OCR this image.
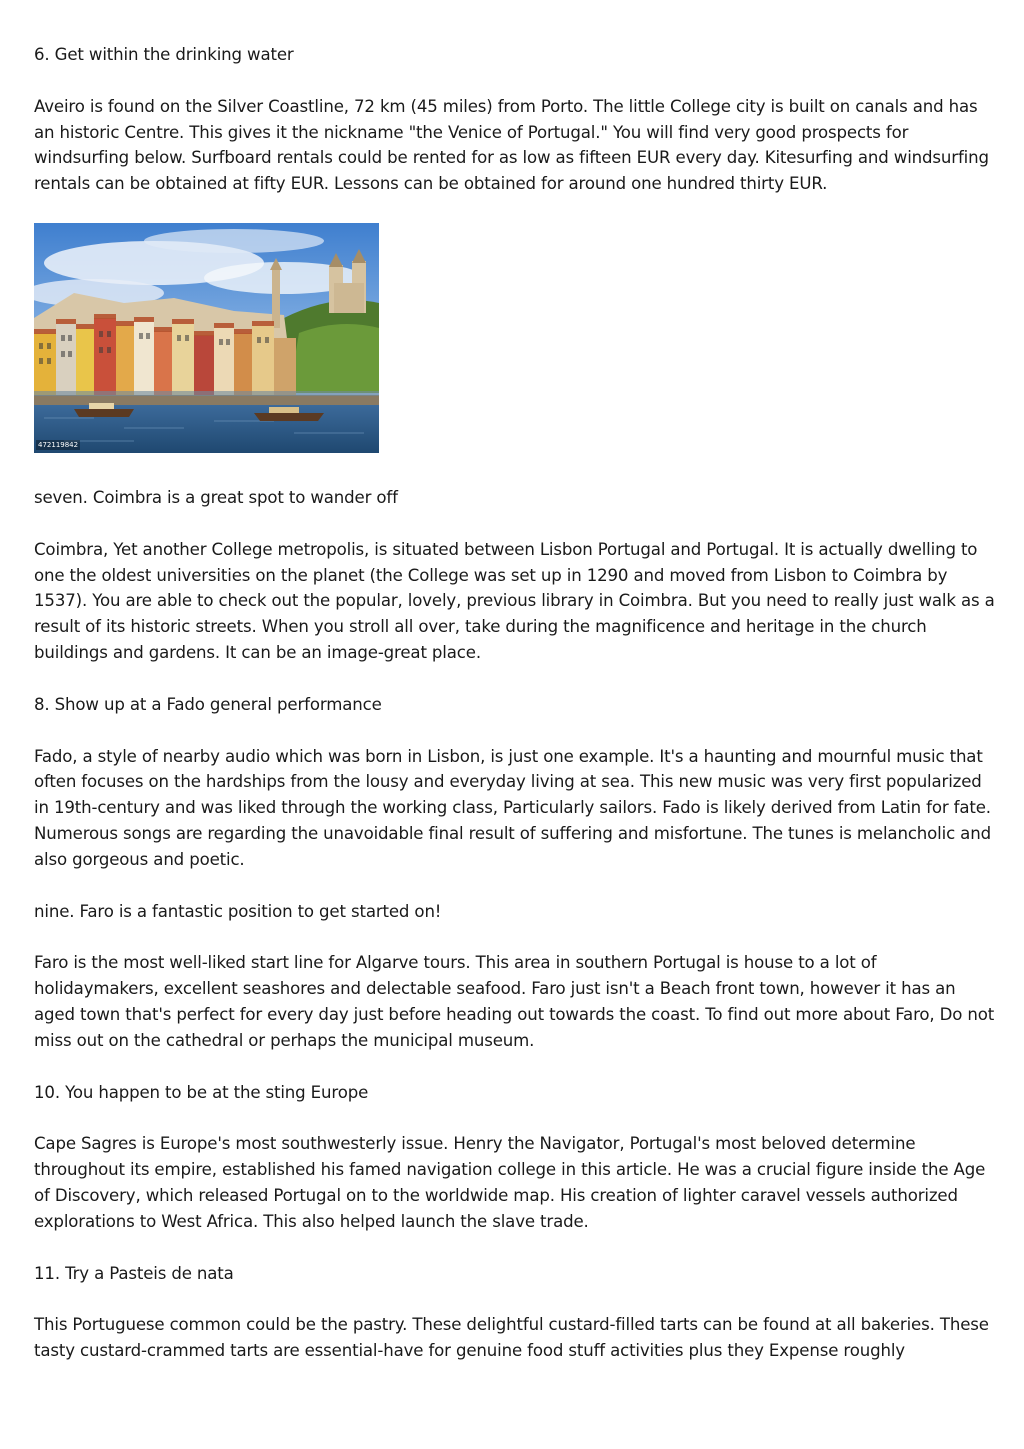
6. Get within the drinking water

Aveiro is found on the Silver Coastline, 72 km (45 miles) from Porto. The little College city is built on canals and has an historic Centre. This gives it the nickname "the Venice of Portugal." You will find very good prospects for windsurfing below. Surfboard rentals could be rented for as low as fifteen EUR every day. Kitesurfing and windsurfing rentals can be obtained at fifty EUR. Lessons can be obtained for around one hundred thirty EUR.

472119842

seven. Coimbra is a great spot to wander off

Coimbra, Yet another College metropolis, is situated between Lisbon Portugal and Portugal. It is actually dwelling to one the oldest universities on the planet (the College was set up in 1290 and moved from Lisbon to Coimbra by 1537). You are able to check out the popular, lovely, previous library in Coimbra. But you need to really just walk as a result of its historic streets. When you stroll all over, take during the magnificence and heritage in the church buildings and gardens. It can be an image-great place.

8. Show up at a Fado general performance

Fado, a style of nearby audio which was born in Lisbon, is just one example. It's a haunting and mournful music that often focuses on the hardships from the lousy and everyday living at sea. This new music was very first popularized in 19th-century and was liked through the working class, Particularly sailors. Fado is likely derived from Latin for fate. Numerous songs are regarding the unavoidable final result of suffering and misfortune. The tunes is melancholic and also gorgeous and poetic.

nine. Faro is a fantastic position to get started on!

Faro is the most well-liked start line for Algarve tours. This area in southern Portugal is house to a lot of holidaymakers, excellent seashores and delectable seafood. Faro just isn't a Beach front town, however it has an aged town that's perfect for every day just before heading out towards the coast. To find out more about Faro, Do not miss out on the cathedral or perhaps the municipal museum.

10. You happen to be at the sting Europe

Cape Sagres is Europe's most southwesterly issue. Henry the Navigator, Portugal's most beloved determine throughout its empire, established his famed navigation college in this article. He was a crucial figure inside the Age of Discovery, which released Portugal on to the worldwide map. His creation of lighter caravel vessels authorized explorations to West Africa. This also helped launch the slave trade.

11. Try a Pasteis de nata

This Portuguese common could be the pastry. These delightful custard-filled tarts can be found at all bakeries. These tasty custard-crammed tarts are essential-have for genuine food stuff activities plus they Expense roughly
